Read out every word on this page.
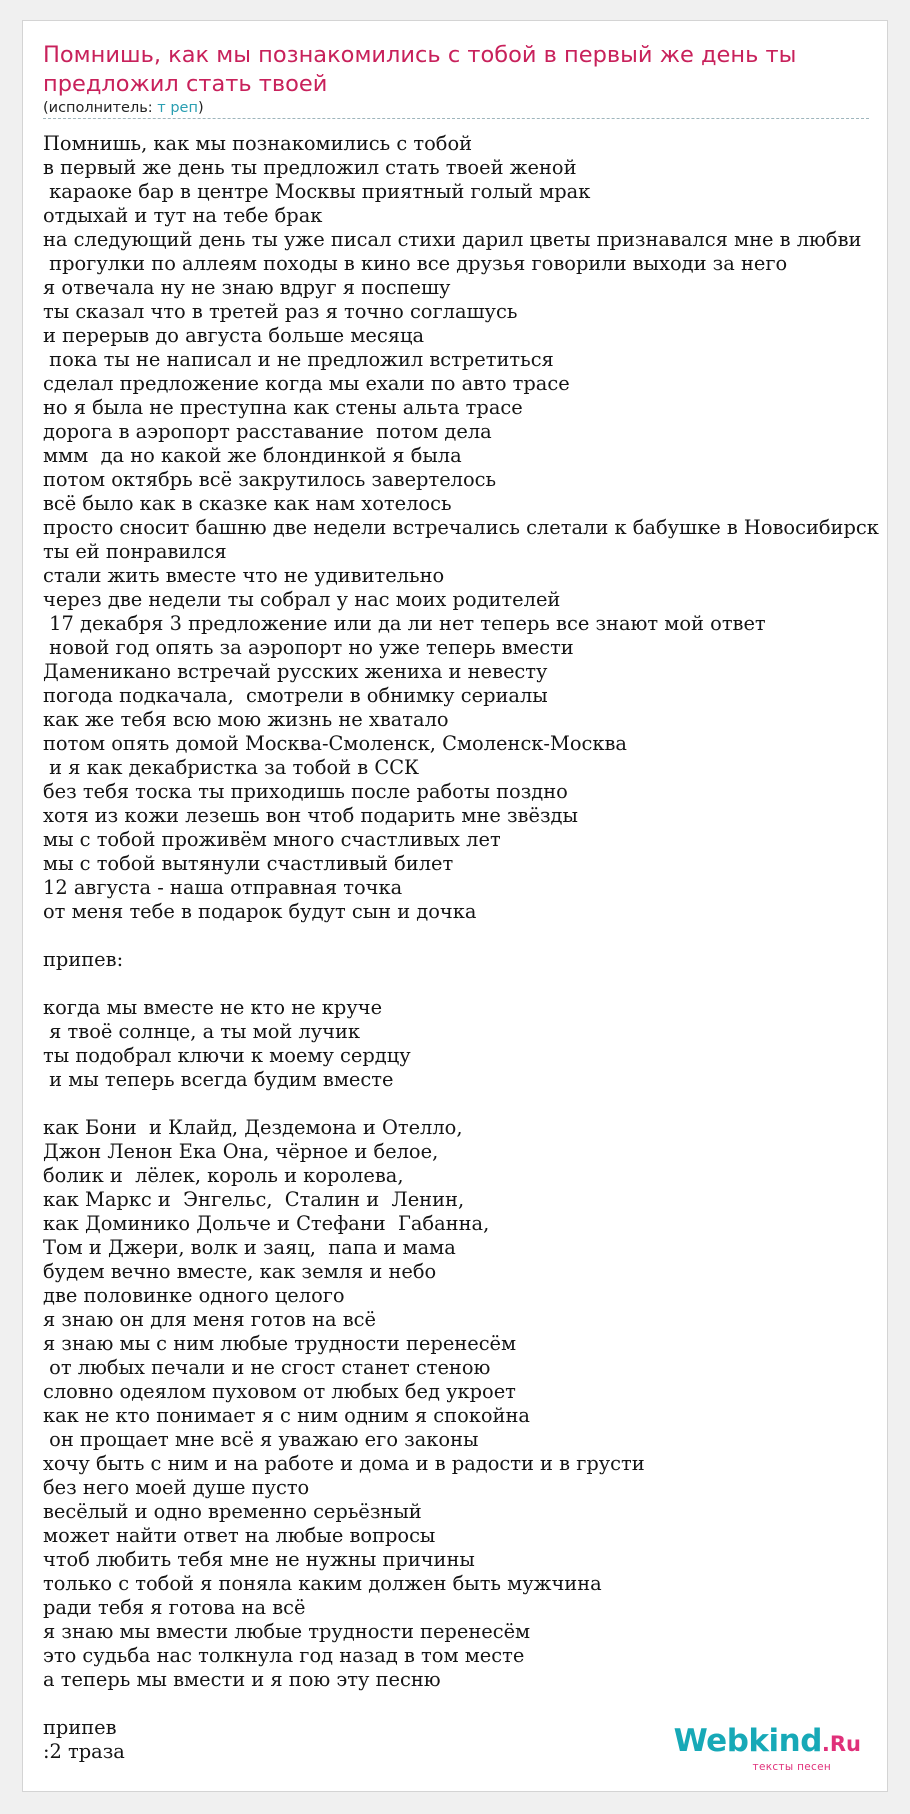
Помнишь, как мы познакомились с тобой в первый же день ты предложил стать твоей
(исполнитель: т реп)
Помнишь, как мы познакомились с тобой
в первый же день ты предложил стать твоей женой
караоке бар в центре Москвы приятный голый мрак
отдыхай и тут на тебе брак
на следующий день ты уже писал стихи дарил цветы признавался мне в любви
прогулки по аллеям походы в кино все друзья говорили выходи за него
я отвечала ну не знаю вдруг я поспешу
ты сказал что в третей раз я точно соглашусь
и перерыв до августа больше месяца
пока ты не написал и не предложил встретиться
сделал предложение когда мы ехали по авто трасе
но я была не преступна как стены альта трасе
дорога в аэропорт расставание  потом дела
ммм  да но какой же блондинкой я была
потом октябрь всё закрутилось завертелось
всё было как в сказке как нам хотелось
просто сносит башню две недели встречались слетали к бабушке в Новосибирск
ты ей понравился
стали жить вместе что не удивительно
через две недели ты собрал у нас моих родителей
17 декабря 3 предложение или да ли нет теперь все знают мой ответ
новой год опять за аэропорт но уже теперь вмести
Даменикано встречай русских жениха и невесту
погода подкачала,  смотрели в обнимку сериалы
как же тебя всю мою жизнь не хватало
потом опять домой Москва-Смоленск, Смоленск-Москва
и я как декабристка за тобой в ССК
без тебя тоска ты приходишь после работы поздно
хотя из кожи лезешь вон чтоб подарить мне звёзды
мы с тобой проживём много счастливых лет
мы с тобой вытянули счастливый билет
12 августа - наша отправная точка
от меня тебе в подарок будут сын и дочка

припев:

когда мы вместе не кто не круче
я твоё солнце, а ты мой лучик
ты подобрал ключи к моему сердцу
и мы теперь всегда будим вместе

как Бони  и Клайд, Дездемона и Отелло,
Джон Ленон Ека Она, чёрное и белое,
болик и  лёлек, король и королева,
как Маркс и  Энгельс,  Сталин и  Ленин,
как Доминико Дольче и Стефани  Габанна,
Том и Джери, волк и заяц,  папа и мама
будем вечно вместе, как земля и небо
две половинке одного целого
я знаю он для меня готов на всё
я знаю мы с ним любые трудности перенесём
от любых печали и не сгост станет стеною
словно одеялом пуховом от любых бед укроет
как не кто понимает я с ним одним я спокойна
он прощает мне всё я уважаю его законы
хочу быть с ним и на работе и дома и в радости и в грусти
без него моей душе пусто
весёлый и одно временно серьёзный
может найти ответ на любые вопросы
чтоб любить тебя мне не нужны причины
только с тобой я поняла каким должен быть мужчина
ради тебя я готова на всё
я знаю мы вмести любые трудности перенесём
это судьба нас толкнула год назад в том месте
а теперь мы вмести и я пою эту песню

припев
:2 траза	Webkind.Ru
тексты песен
